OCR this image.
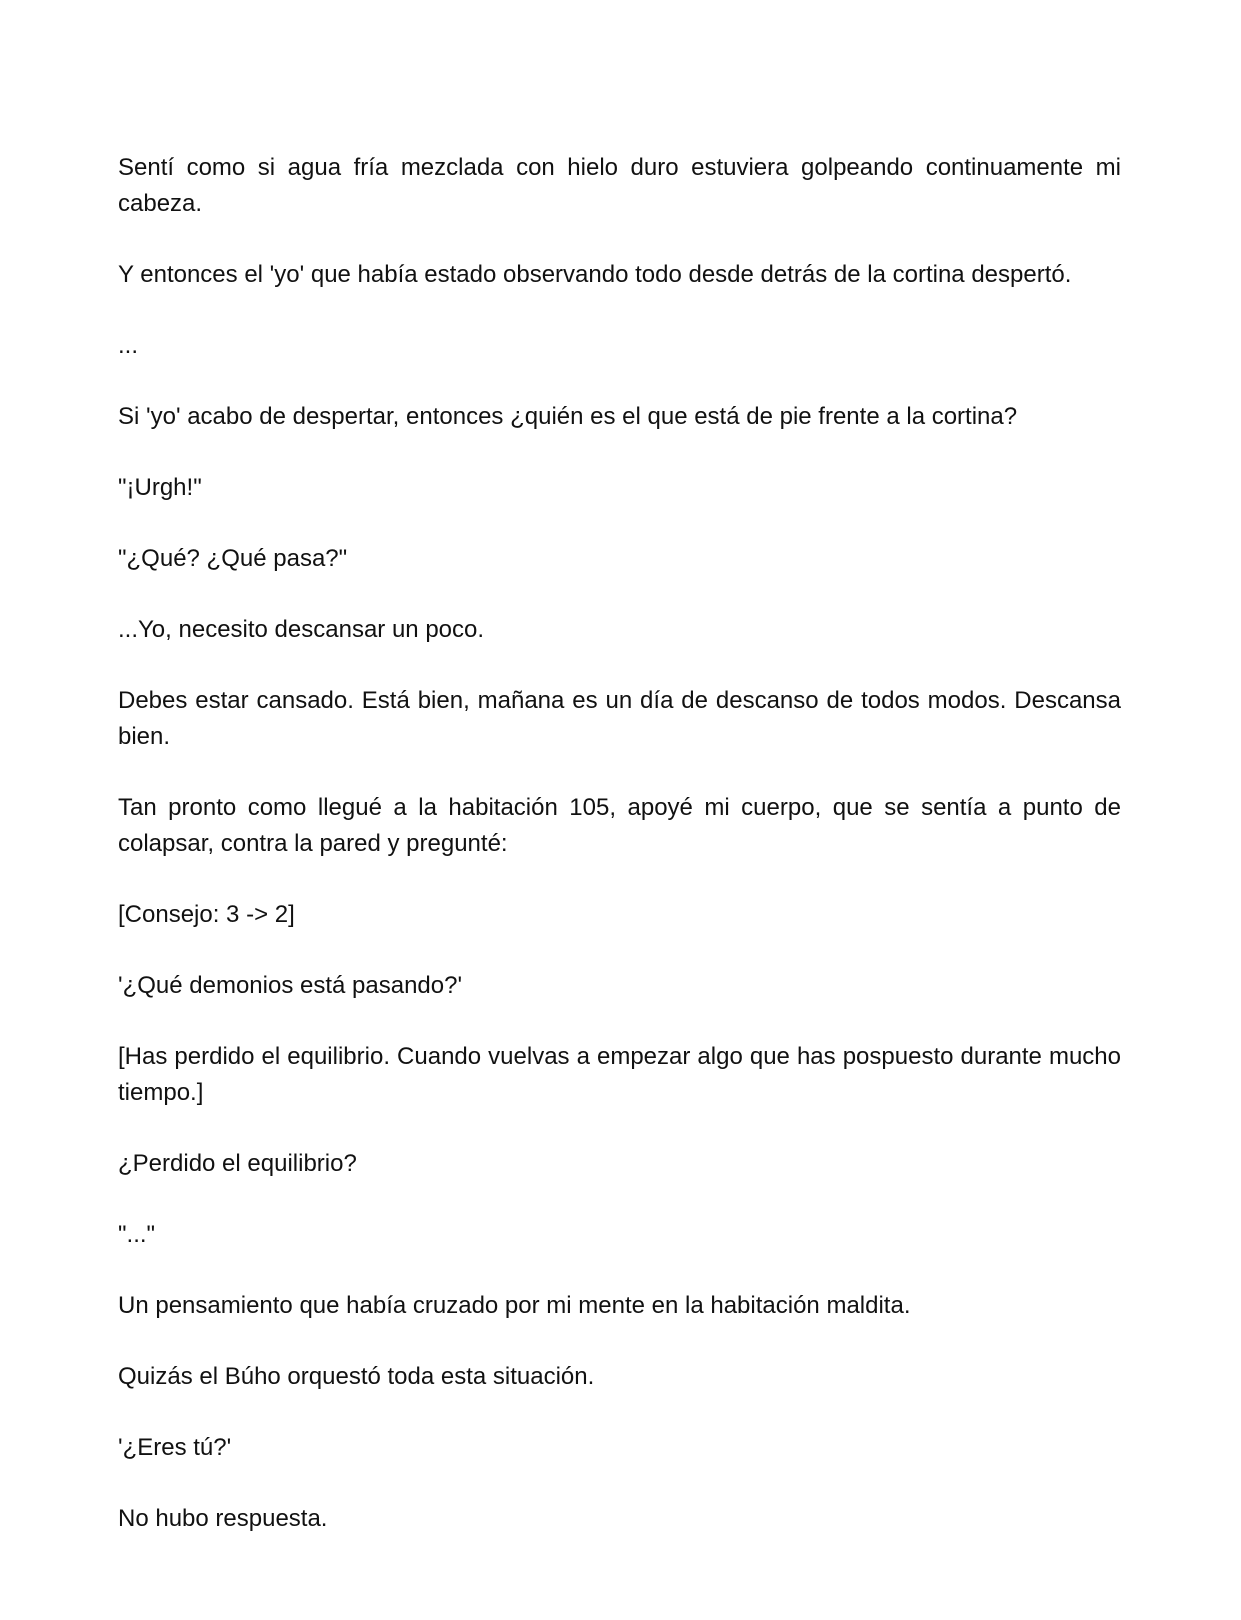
Sentí como si agua fría mezclada con hielo duro estuviera golpeando continuamente mi cabeza.

Y entonces el 'yo' que había estado observando todo desde detrás de la cortina despertó.

...

Si 'yo' acabo de despertar, entonces ¿quién es el que está de pie frente a la cortina?

"¡Urgh!"

"¿Qué? ¿Qué pasa?"

...Yo, necesito descansar un poco.

Debes estar cansado. Está bien, mañana es un día de descanso de todos modos. Descansa bien.

Tan pronto como llegué a la habitación 105, apoyé mi cuerpo, que se sentía a punto de colapsar, contra la pared y pregunté:

[Consejo: 3 -> 2]

'¿Qué demonios está pasando?'

[Has perdido el equilibrio. Cuando vuelvas a empezar algo que has pospuesto durante mucho tiempo.]

¿Perdido el equilibrio?

"..."

Un pensamiento que había cruzado por mi mente en la habitación maldita.

Quizás el Búho orquestó toda esta situación.

'¿Eres tú?'

No hubo respuesta.
